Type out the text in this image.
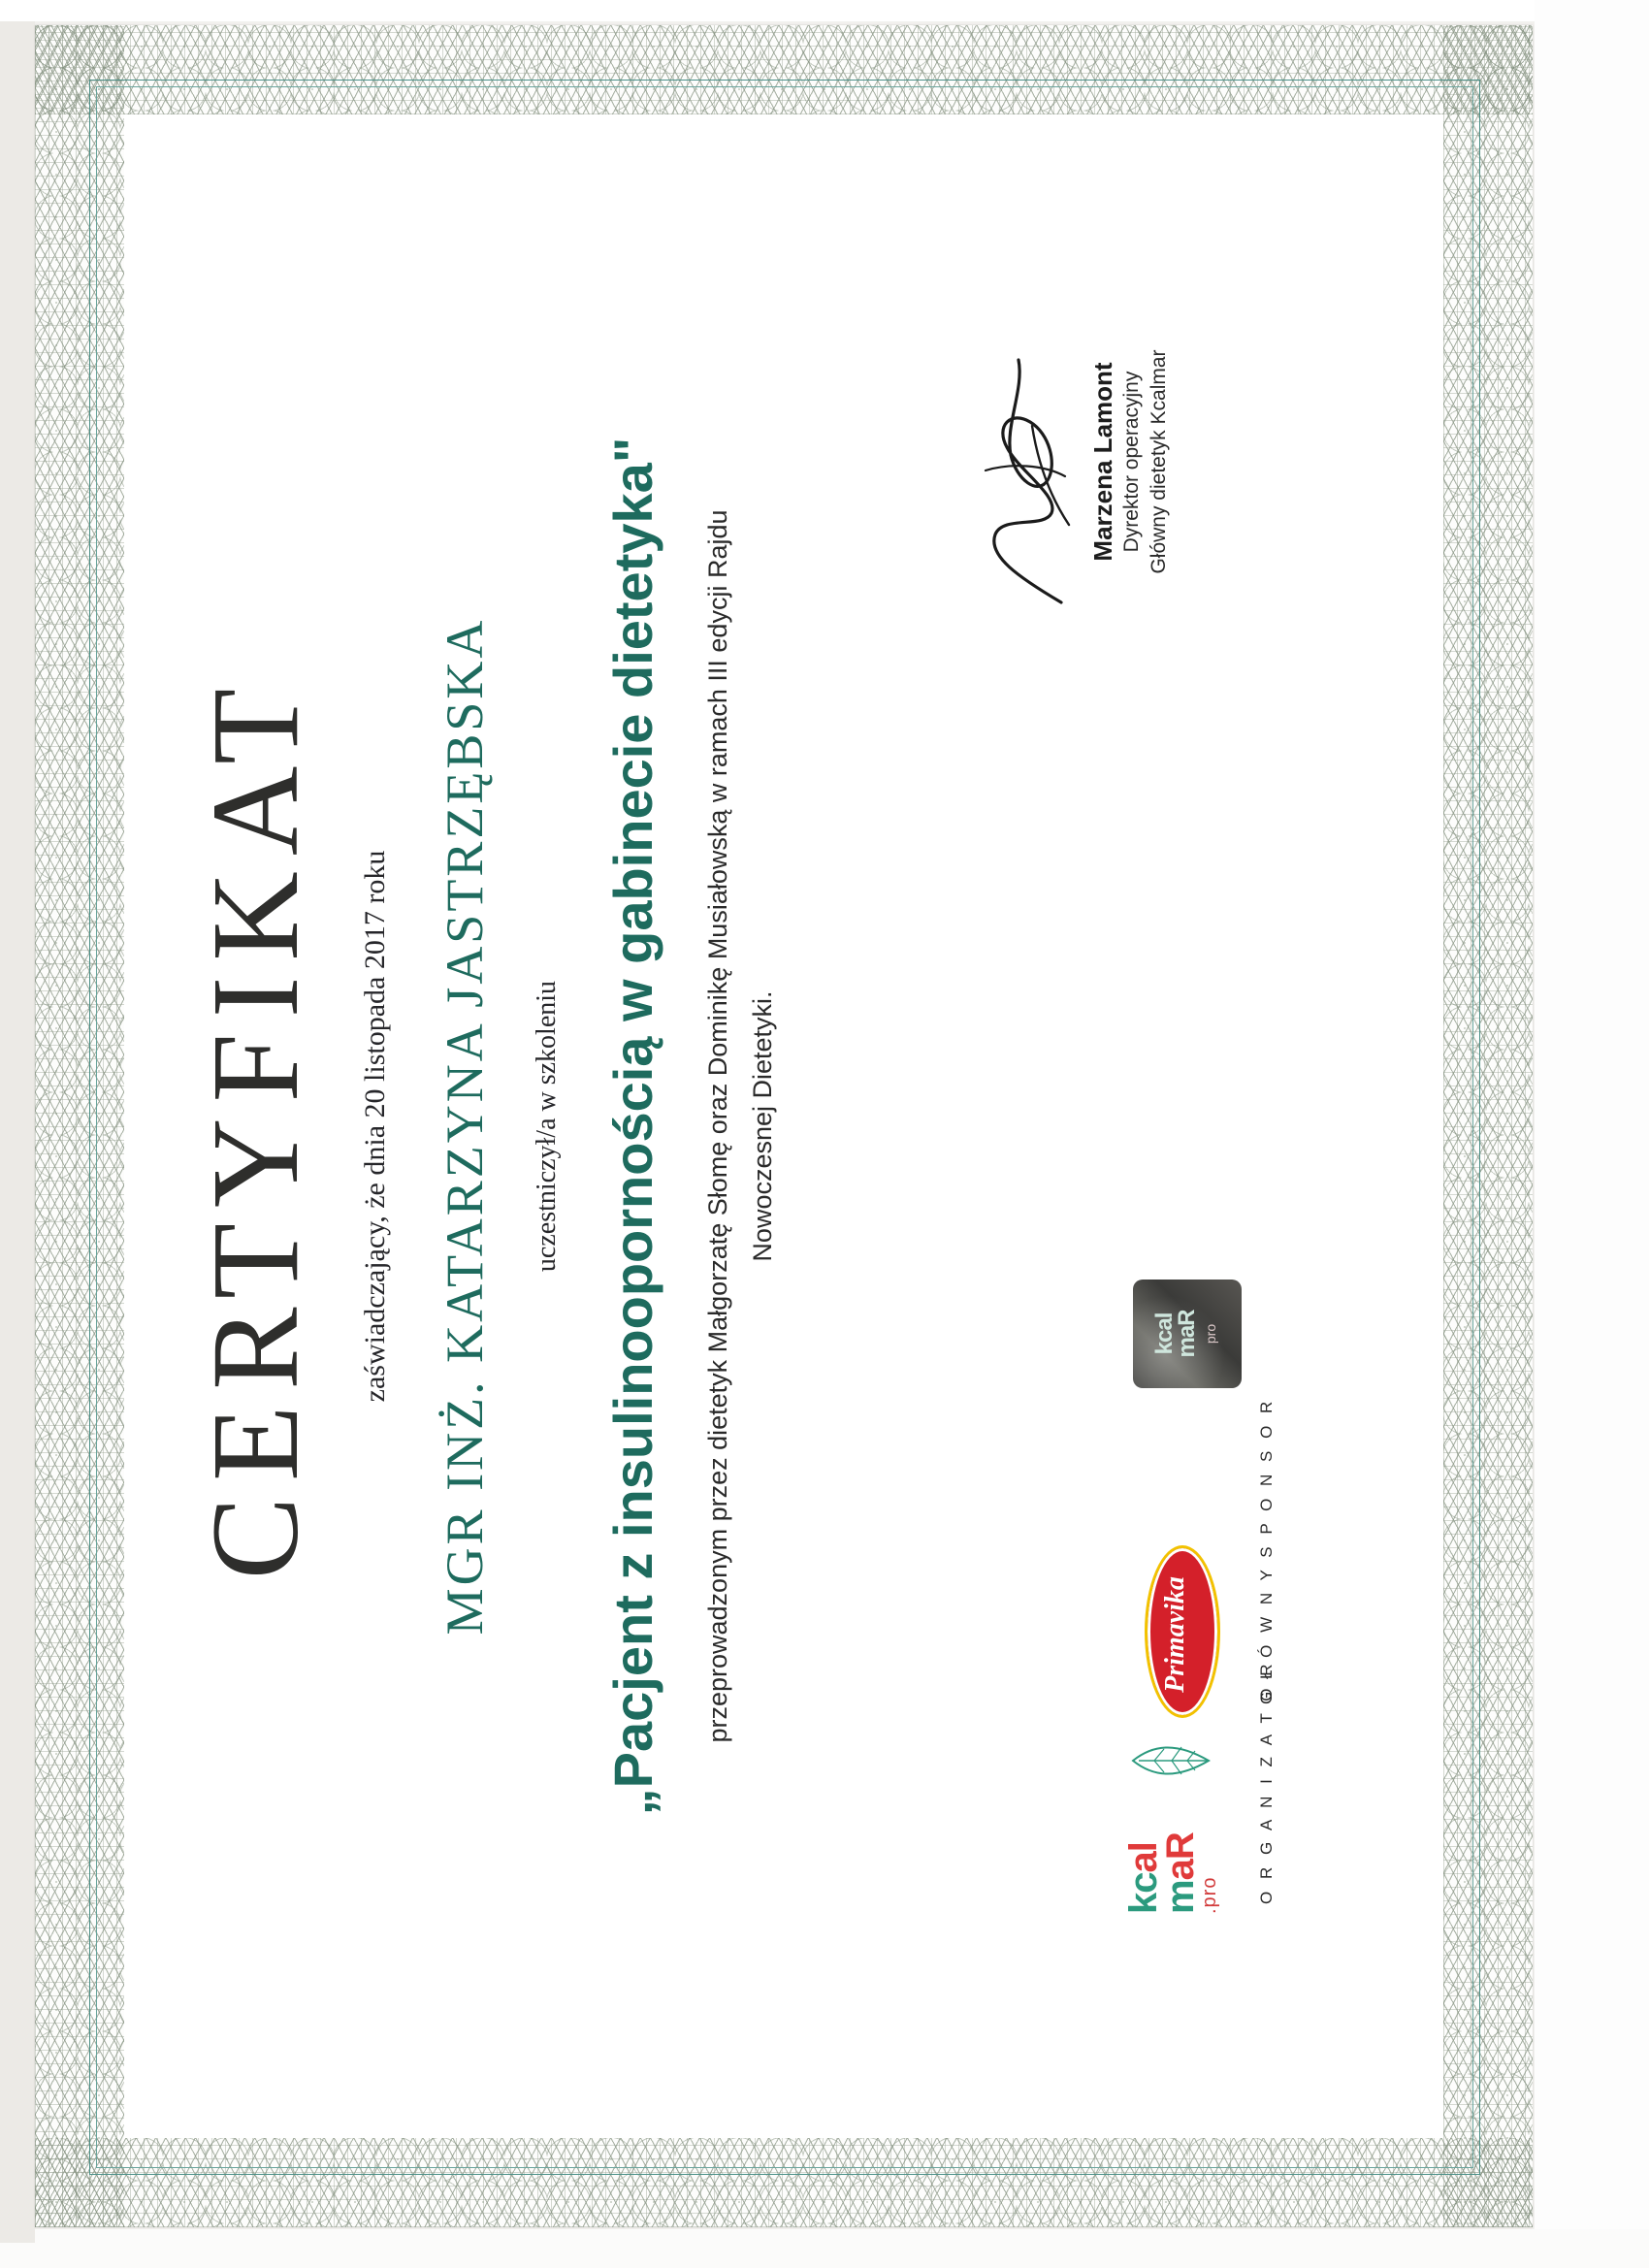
CERTYFIKAT zaświadczający, że dnia 20 listopada 2017 roku MGR INŻ. KATARZYNA JASTRZĘBSKA uczestniczył/a w szkoleniu „Pacjent z insulinoopornością w gabinecie dietetyka" przeprowadzonym przez dietetyk Małgorzatę Słomę oraz Dominikę Musiałowską w ramach III edycji Rajdu Nowoczesnej Dietetyki.
Marzena Lamont Dyrektor operacyjny Główny dietetyk Kcalmar
O R G A N I Z A T O R
kcal
maR
.pro
G Ł Ó W N Y S P O N S O R
Primavika
kcal
maR pro
